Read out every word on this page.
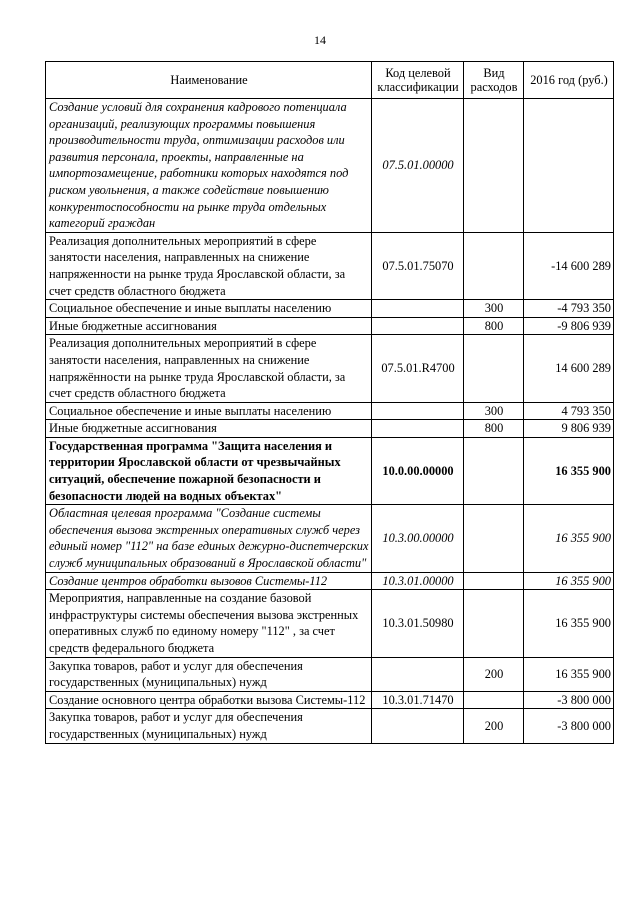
14
Наименование	Код целевой классификации	Вид расходов	2016 год (руб.)
Создание условий для сохранения кадрового потенциала организаций, реализующих программы повышения производительности труда, оптимизации расходов или развития персонала, проекты, направленные на импортозамещение, работники которых находятся под риском увольнения, а также содействие повышению конкурентоспособности на рынке труда отдельных категорий граждан	07.5.01.00000		
Реализация дополнительных мероприятий в сфере занятости населения, направленных на снижение напряженности на рынке труда Ярославской области, за счет средств областного бюджета	07.5.01.75070		-14 600 289
Социальное обеспечение и иные выплаты населению		300	-4 793 350
Иные бюджетные ассигнования		800	-9 806 939
Реализация дополнительных мероприятий в сфере занятости населения, направленных на снижение напряжённости на рынке труда Ярославской области, за счет средств областного бюджета	07.5.01.R4700		14 600 289
Социальное обеспечение и иные выплаты населению		300	4 793 350
Иные бюджетные ассигнования		800	9 806 939
Государственная программа "Защита населения и территории Ярославской области от чрезвычайных ситуаций, обеспечение пожарной безопасности и безопасности людей на водных объектах"	10.0.00.00000		16 355 900
Областная целевая программа "Создание системы обеспечения вызова экстренных оперативных служб через единый номер "112" на базе единых дежурно-диспетчерских служб муниципальных образований в Ярославской области"	10.3.00.00000		16 355 900
Создание центров обработки вызовов Системы-112	10.3.01.00000		16 355 900
Мероприятия, направленные на создание базовой инфраструктуры системы обеспечения вызова экстренных оперативных служб по единому номеру "112" , за счет средств федерального бюджета	10.3.01.50980		16 355 900
Закупка товаров, работ и услуг для обеспечения государственных (муниципальных) нужд		200	16 355 900
Создание основного центра обработки вызова Системы-112	10.3.01.71470		-3 800 000
Закупка товаров, работ и услуг для обеспечения государственных (муниципальных) нужд		200	-3 800 000
